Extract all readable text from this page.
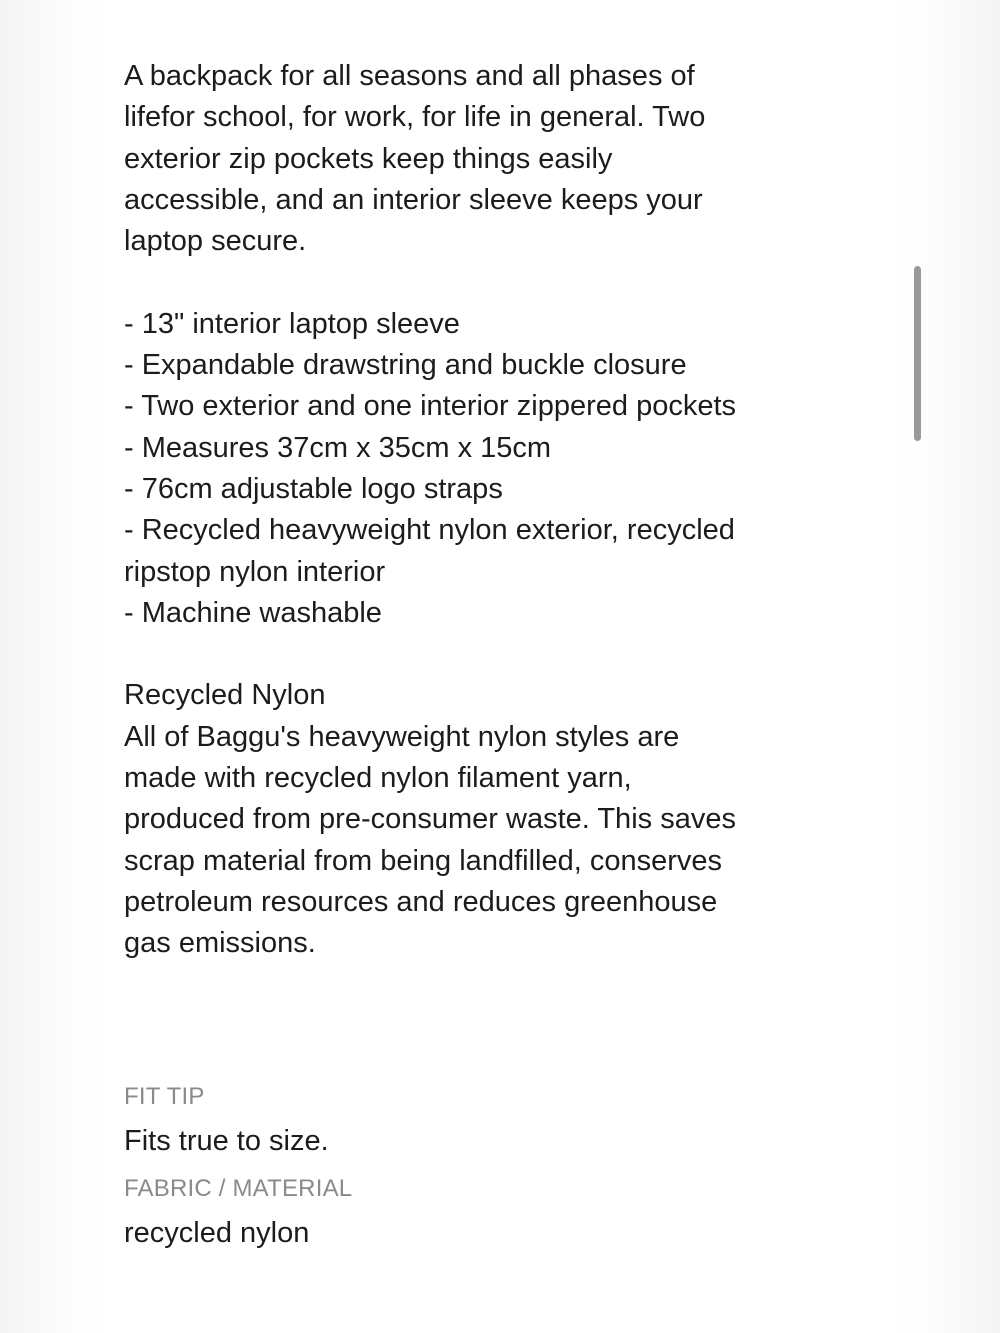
A backpack for all seasons and all phases of
lifefor school, for work, for life in general. Two
exterior zip pockets keep things easily
accessible, and an interior sleeve keeps your
laptop secure.
- 13" interior laptop sleeve
- Expandable drawstring and buckle closure
- Two exterior and one interior zippered pockets
- Measures 37cm x 35cm x 15cm
- 76cm adjustable logo straps
- Recycled heavyweight nylon exterior, recycled
ripstop nylon interior
- Machine washable

Recycled Nylon

All of Baggu's heavyweight nylon styles are
made with recycled nylon filament yarn,
produced from pre-consumer waste. This saves
scrap material from being landfilled, conserves
petroleum resources and reduces greenhouse
gas emissions.

FIT TIP

Fits true to size.

FABRIC / MATERIAL

recycled nylon
